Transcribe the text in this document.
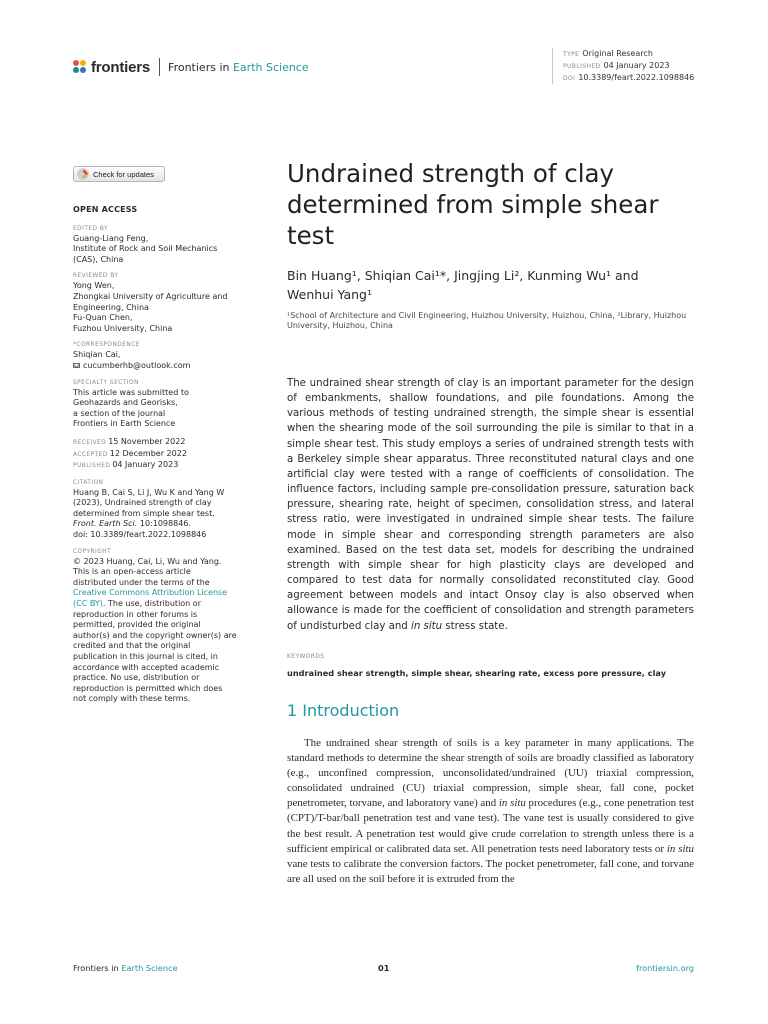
frontiers Frontiers in Earth Science
TYPE Original Research
PUBLISHED 04 January 2023
DOI 10.3389/feart.2022.1098846
Check for updates
OPEN ACCESS
EDITED BY
Guang-Liang Feng,
Institute of Rock and Soil Mechanics
(CAS), China
REVIEWED BY
Yong Wen,
Zhongkai University of Agriculture and
Engineering, China
Fu-Quan Chen,
Fuzhou University, China
*CORRESPONDENCE
Shiqian Cai,
cucumberhb@outlook.com
SPECIALTY SECTION
This article was submitted to
Geohazards and Georisks,
a section of the journal
Frontiers in Earth Science
RECEIVED 15 November 2022
ACCEPTED 12 December 2022
PUBLISHED 04 January 2023
CITATION
Huang B, Cai S, Li J, Wu K and Yang W
(2023), Undrained strength of clay
determined from simple shear test.
Front. Earth Sci. 10:1098846.
doi: 10.3389/feart.2022.1098846
COPYRIGHT
© 2023 Huang, Cai, Li, Wu and Yang.
This is an open-access article
distributed under the terms of the
Creative Commons Attribution License
(CC BY). The use, distribution or
reproduction in other forums is
permitted, provided the original
author(s) and the copyright owner(s) are
credited and that the original
publication in this journal is cited, in
accordance with accepted academic
practice. No use, distribution or
reproduction is permitted which does
not comply with these terms.
Undrained strength of clay determined from simple shear test
Bin Huang¹, Shiqian Cai¹*, Jingjing Li², Kunming Wu¹ and
Wenhui Yang¹
¹School of Architecture and Civil Engineering, Huizhou University, Huizhou, China, ²Library, Huizhou University, Huizhou, China
The undrained shear strength of clay is an important parameter for the design of embankments, shallow foundations, and pile foundations. Among the various methods of testing undrained strength, the simple shear is essential when the shearing mode of the soil surrounding the pile is similar to that in a simple shear test. This study employs a series of undrained strength tests with a Berkeley simple shear apparatus. Three reconstituted natural clays and one artificial clay were tested with a range of coefficients of consolidation. The influence factors, including sample pre-consolidation pressure, saturation back pressure, shearing rate, height of specimen, consolidation stress, and lateral stress ratio, were investigated in undrained simple shear tests. The failure mode in simple shear and corresponding strength parameters are also examined. Based on the test data set, models for describing the undrained strength with simple shear for high plasticity clays are developed and compared to test data for normally consolidated reconstituted clay. Good agreement between models and intact Onsoy clay is also observed when allowance is made for the coefficient of consolidation and strength parameters of undisturbed clay and in situ stress state.
KEYWORDS
undrained shear strength, simple shear, shearing rate, excess pore pressure, clay
1 Introduction
The undrained shear strength of soils is a key parameter in many applications. The standard methods to determine the shear strength of soils are broadly classified as laboratory (e.g., unconfined compression, unconsolidated/undrained (UU) triaxial compression, consolidated undrained (CU) triaxial compression, simple shear, fall cone, pocket penetrometer, torvane, and laboratory vane) and in situ procedures (e.g., cone penetration test (CPT)/T-bar/ball penetration test and vane test). The vane test is usually considered to give the best result. A penetration test would give crude correlation to strength unless there is a sufficient empirical or calibrated data set. All penetration tests need laboratory tests or in situ vane tests to calibrate the conversion factors. The pocket penetrometer, fall cone, and torvane are all used on the soil before it is extruded from the
Frontiers in Earth Science	01	frontiersin.org
